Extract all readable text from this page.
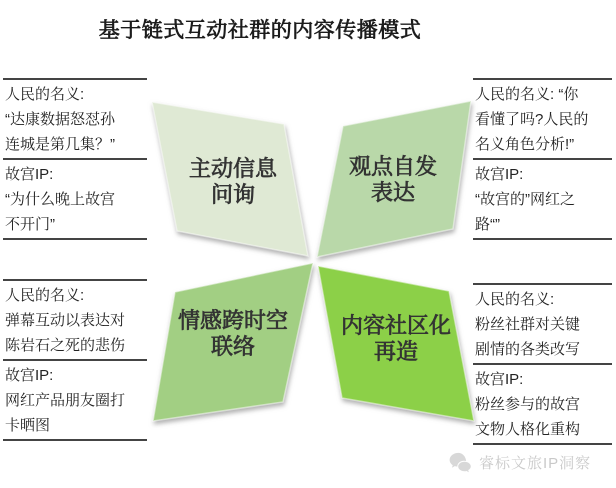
基于链式互动社群的内容传播模式
主动信息
问询
观点自发
表达
情感跨时空
联络
内容社区化
再造
人民的名义:
“达康数据怒怼孙
连城是第几集？”
故宫IP:
“为什么晚上故宫
不开门”
人民的名义: “你
看懂了吗?人民的
名义角色分析!”
故宫IP:
“故宫的”网红之
路“”
人民的名义:
弹幕互动以表达对
陈岩石之死的悲伤
故宫IP:
网红产品朋友圈打
卡晒图
人民的名义:
粉丝社群对关键
剧情的各类改写
故宫IP:
粉丝参与的故宫
文物人格化重构
睿标文旅IP洞察
